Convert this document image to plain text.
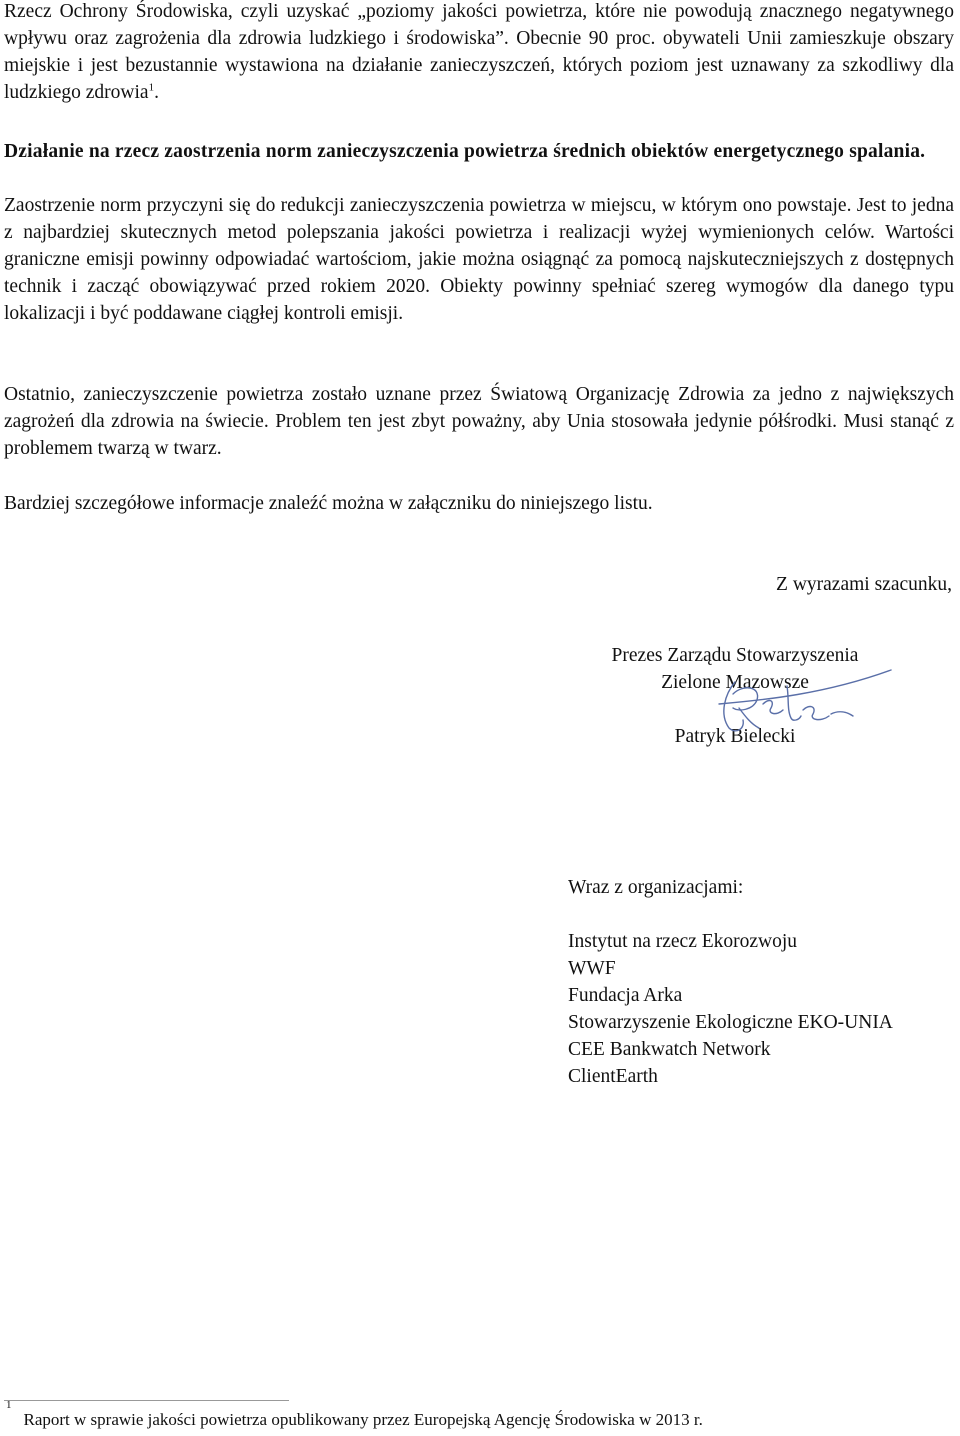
Rzecz Ochrony Środowiska, czyli uzyskać „poziomy jakości powietrza, które nie powodują znacznego negatywnego wpływu oraz zagrożenia dla zdrowia ludzkiego i środowiska”. Obecnie 90 proc. obywateli Unii zamieszkuje obszary miejskie i jest bezustannie wystawiona na działanie zanieczyszczeń, których poziom jest uznawany za szkodliwy dla ludzkiego zdrowia$^1$.

Działanie na rzecz zaostrzenia norm zanieczyszczenia powietrza średnich obiektów energetycznego spalania.

Zaostrzenie norm przyczyni się do redukcji zanieczyszczenia powietrza w miejscu, w którym ono powstaje. Jest to jedna z najbardziej skutecznych metod polepszania jakości powietrza i realizacji wyżej wymienionych celów. Wartości graniczne emisji powinny odpowiadać wartościom, jakie można osiągnąć za pomocą najskuteczniejszych z dostępnych technik i zacząć obowiązywać przed rokiem 2020. Obiekty powinny spełniać szereg wymogów dla danego typu lokalizacji i być poddawane ciągłej kontroli emisji.

Ostatnio, zanieczyszczenie powietrza zostało uznane przez Światową Organizację Zdrowia za jedno z największych zagrożeń dla zdrowia na świecie. Problem ten jest zbyt poważny, aby Unia stosowała jedynie półśrodki. Musi stanąć z problemem twarzą w twarz.

Bardziej szczegółowe informacje znaleźć można w załączniku do niniejszego listu.

Z wyrazami szacunku,
Prezes Zarządu Stowarzyszenia
Zielone Mazowsze
Patryk Bielecki
Wraz z organizacjami:
Instytut na rzecz Ekorozwoju
WWF
Fundacja Arka
Stowarzyszenie Ekologiczne EKO-UNIA
CEE Bankwatch Network
ClientEarth
$^1$Raport w sprawie jakości powietrza opublikowany przez Europejską Agencję Środowiska w 2013 r.
